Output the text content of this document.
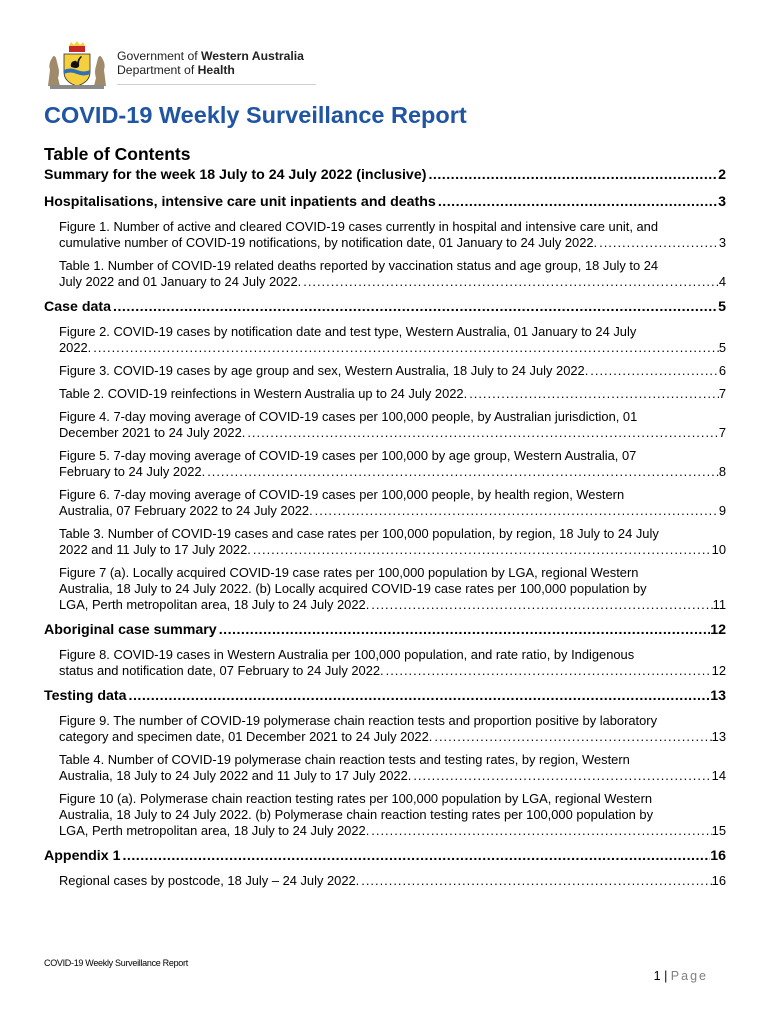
Government of Western Australia
Department of Health
COVID-19 Weekly Surveillance Report
Table of Contents
Summary for the week 18 July to 24 July 2022 (inclusive) .....	2
Hospitalisations, intensive care unit inpatients and deaths .....	3
Figure 1. Number of active and cleared COVID-19 cases currently in hospital and intensive care unit, and
cumulative number of COVID-19 notifications, by notification date, 01 January to 24 July 2022. .....	3
Table 1. Number of COVID-19 related deaths reported by vaccination status and age group, 18 July to 24
July 2022 and 01 January to 24 July 2022. .....	4
Case data .....	5
Figure 2. COVID-19 cases by notification date and test type, Western Australia, 01 January to 24 July
2022. .....	5
Figure 3. COVID-19 cases by age group and sex, Western Australia, 18 July to 24 July 2022. .....	6
Table 2. COVID-19 reinfections in Western Australia up to 24 July 2022. .....	7
Figure 4. 7-day moving average of COVID-19 cases per 100,000 people, by Australian jurisdiction, 01
December 2021 to 24 July 2022. .....	7
Figure 5. 7-day moving average of COVID-19 cases per 100,000 by age group, Western Australia, 07
February to 24 July 2022. .....	8
Figure 6. 7-day moving average of COVID-19 cases per 100,000 people, by health region, Western
Australia, 07 February 2022 to 24 July 2022. .....	9
Table 3. Number of COVID-19 cases and case rates per 100,000 population, by region, 18 July to 24 July
2022 and 11 July to 17 July 2022. .....	10
Figure 7 (a). Locally acquired COVID-19 case rates per 100,000 population by LGA, regional Western
Australia, 18 July to 24 July 2022. (b) Locally acquired COVID-19 case rates per 100,000 population by
LGA, Perth metropolitan area, 18 July to 24 July 2022. .....	11
Aboriginal case summary .....	12
Figure 8. COVID-19 cases in Western Australia per 100,000 population, and rate ratio, by Indigenous
status and notification date, 07 February to 24 July 2022. .....	12
Testing data .....	13
Figure 9. The number of COVID-19 polymerase chain reaction tests and proportion positive by laboratory
category and specimen date, 01 December 2021 to 24 July 2022. .....	13
Table 4. Number of COVID-19 polymerase chain reaction tests and testing rates, by region, Western
Australia, 18 July to 24 July 2022 and 11 July to 17 July 2022. .....	14
Figure 10 (a). Polymerase chain reaction testing rates per 100,000 population by LGA, regional Western
Australia, 18 July to 24 July 2022. (b) Polymerase chain reaction testing rates per 100,000 population by
LGA, Perth metropolitan area, 18 July to 24 July 2022. .....	15
Appendix 1 .....	16
Regional cases by postcode, 18 July – 24 July 2022. .....	16
COVID-19 Weekly Surveillance Report
1 | Page
